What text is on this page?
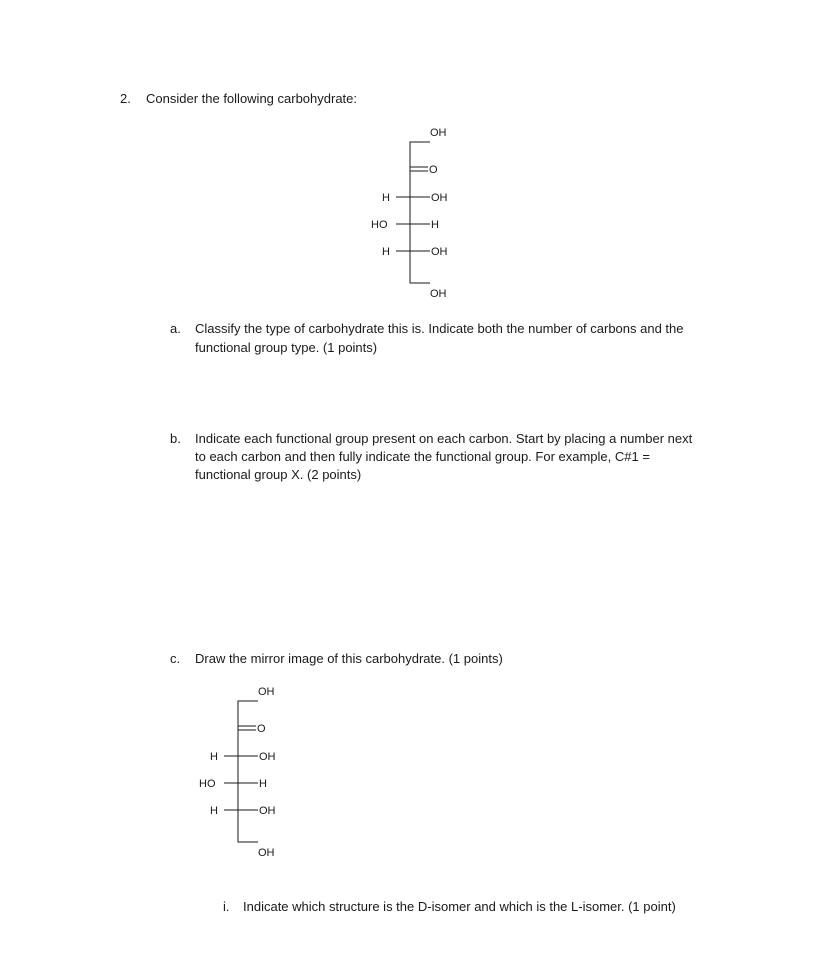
2. Consider the following carbohydrate:
OH
O
H	OH
HO	H
H	OH
OH
a. Classify the type of carbohydrate this is. Indicate both the number of carbons and the
functional group type. (1 points)
b. Indicate each functional group present on each carbon. Start by placing a number next
to each carbon and then fully indicate the functional group. For example, C#1 =
functional group X. (2 points)
c. Draw the mirror image of this carbohydrate. (1 points)
OH
O
H	OH
HO	H
H	OH
OH
i. Indicate which structure is the D-isomer and which is the L-isomer. (1 point)
